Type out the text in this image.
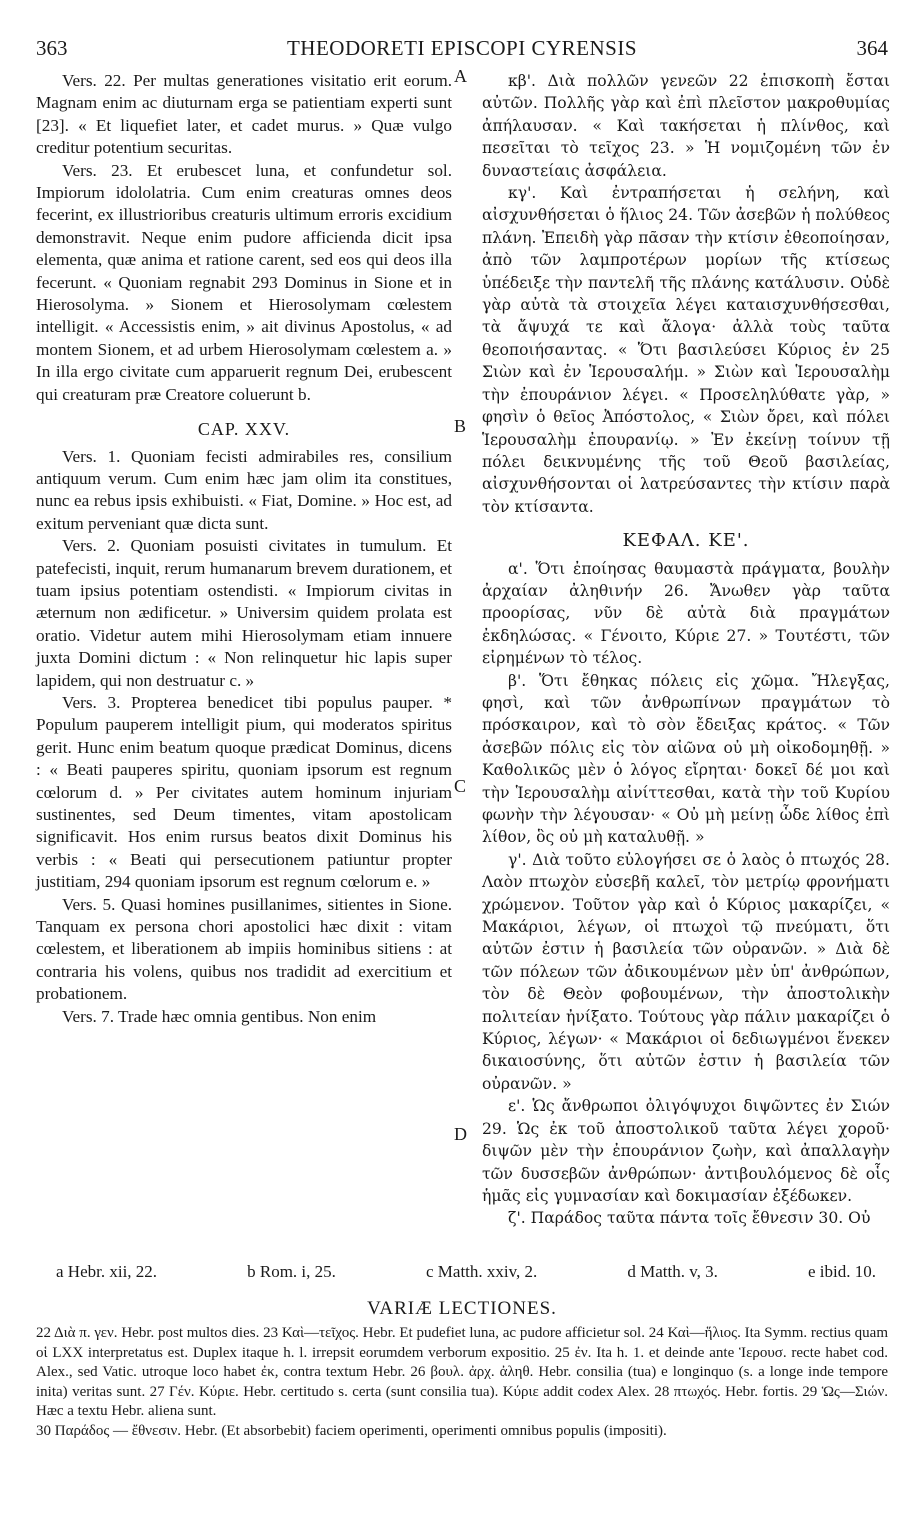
363	THEODORETI EPISCOPI CYRENSIS	364

Vers. 22. Per multas generationes visitatio erit eorum. Magnam enim ac diuturnam erga se patientiam experti sunt [23]. « Et liquefiet later, et cadet murus. » Quæ vulgo creditur potentium securitas.

Vers. 23. Et erubescet luna, et confundetur sol. Impiorum idololatria. Cum enim creaturas omnes deos fecerint, ex illustrioribus creaturis ultimum erroris excidium demonstravit. Neque enim pudore afficienda dicit ipsa elementa, quæ anima et ratione carent, sed eos qui deos illa fecerunt. « Quoniam regnabit 293 Dominus in Sione et in Hierosolyma. » Sionem et Hierosolymam cœlestem intelligit. « Accessistis enim, » ait divinus Apostolus, « ad montem Sionem, et ad urbem Hierosolymam cœlestem a. » In illa ergo civitate cum apparuerit regnum Dei, erubescent qui creaturam præ Creatore coluerunt b.

CAP. XXV.

Vers. 1. Quoniam fecisti admirabiles res, consilium antiquum verum. Cum enim hæc jam olim ita constitues, nunc ea rebus ipsis exhibuisti. « Fiat, Domine. » Hoc est, ad exitum perveniant quæ dicta sunt.

Vers. 2. Quoniam posuisti civitates in tumulum. Et patefecisti, inquit, rerum humanarum brevem durationem, et tuam ipsius potentiam ostendisti. « Impiorum civitas in æternum non ædificetur. » Universim quidem prolata est oratio. Videtur autem mihi Hierosolymam etiam innuere juxta Domini dictum : « Non relinquetur hic lapis super lapidem, qui non destruatur c. »

Vers. 3. Propterea benedicet tibi populus pauper. * Populum pauperem intelligit pium, qui moderatos spiritus gerit. Hunc enim beatum quoque prædicat Dominus, dicens : « Beati pauperes spiritu, quoniam ipsorum est regnum cœlorum d. » Per civitates autem hominum injuriam sustinentes, sed Deum timentes, vitam apostolicam significavit. Hos enim rursus beatos dixit Dominus his verbis : « Beati qui persecutionem patiuntur propter justitiam, 294 quoniam ipsorum est regnum cœlorum e. »

Vers. 5. Quasi homines pusillanimes, sitientes in Sione. Tanquam ex persona chori apostolici hæc dixit : vitam cœlestem, et liberationem ab impiis hominibus sitiens : at contraria his volens, quibus nos tradidit ad exercitium et probationem.

Vers. 7. Trade hæc omnia gentibus. Non enim

κβ'. Διὰ πολλῶν γενεῶν 22 ἐπισκοπὴ ἔσται αὐτῶν. Πολλῆς γὰρ καὶ ἐπὶ πλεῖστον μακροθυμίας ἀπήλαυσαν. « Καὶ τακήσεται ἡ πλίνθος, καὶ πεσεῖται τὸ τεῖχος 23. » Ἡ νομιζομένη τῶν ἐν δυναστείαις ἀσφάλεια.

κγ'. Καὶ ἐντραπήσεται ἡ σελήνη, καὶ αἰσχυνθήσεται ὁ ἥλιος 24. Τῶν ἀσεβῶν ἡ πολύθεος πλάνη. Ἐπειδὴ γὰρ πᾶσαν τὴν κτίσιν ἐθεοποίησαν, ἀπὸ τῶν λαμπροτέρων μορίων τῆς κτίσεως ὑπέδειξε τὴν παντελῆ τῆς πλάνης κατάλυσιν. Οὐδὲ γὰρ αὐτὰ τὰ στοιχεῖα λέγει καταισχυνθήσεσθαι, τὰ ἄψυχά τε καὶ ἄλογα· ἀλλὰ τοὺς ταῦτα θεοποιήσαντας. « Ὅτι βασιλεύσει Κύριος ἐν 25 Σιὼν καὶ ἐν Ἱερουσαλήμ. » Σιὼν καὶ Ἱερουσαλὴμ τὴν ἐπουράνιον λέγει. « Προσεληλύθατε γὰρ, » φησὶν ὁ θεῖος Ἀπόστολος, « Σιὼν ὄρει, καὶ πόλει Ἱερουσαλὴμ ἐπουρανίῳ. » Ἐν ἐκείνῃ τοίνυν τῇ πόλει δεικνυμένης τῆς τοῦ Θεοῦ βασιλείας, αἰσχυνθήσονται οἱ λατρεύσαντες τὴν κτίσιν παρὰ τὸν κτίσαντα.

ΚΕΦΑΛ. ΚΕ'.

α'. Ὅτι ἐποίησας θαυμαστὰ πράγματα, βουλὴν ἀρχαίαν ἀληθινήν 26. Ἄνωθεν γὰρ ταῦτα προορίσας, νῦν δὲ αὐτὰ διὰ πραγμάτων ἐκδηλώσας. « Γένοιτο, Κύριε 27. » Τουτέστι, τῶν εἰρημένων τὸ τέλος.

β'. Ὅτι ἔθηκας πόλεις εἰς χῶμα. Ἤλεγξας, φησὶ, καὶ τῶν ἀνθρωπίνων πραγμάτων τὸ πρόσκαιρον, καὶ τὸ σὸν ἔδειξας κράτος. « Τῶν ἀσεβῶν πόλις εἰς τὸν αἰῶνα οὐ μὴ οἰκοδομηθῇ. » Καθολικῶς μὲν ὁ λόγος εἴρηται· δοκεῖ δέ μοι καὶ τὴν Ἱερουσαλὴμ αἰνίττεσθαι, κατὰ τὴν τοῦ Κυρίου φωνὴν τὴν λέγουσαν· « Οὐ μὴ μείνῃ ὧδε λίθος ἐπὶ λίθον, ὃς οὐ μὴ καταλυθῇ. »

γ'. Διὰ τοῦτο εὐλογήσει σε ὁ λαὸς ὁ πτωχός 28. Λαὸν πτωχὸν εὐσεβῆ καλεῖ, τὸν μετρίῳ φρονήματι χρώμενον. Τοῦτον γὰρ καὶ ὁ Κύριος μακαρίζει, « Μακάριοι, λέγων, οἱ πτωχοὶ τῷ πνεύματι, ὅτι αὐτῶν ἐστιν ἡ βασιλεία τῶν οὐρανῶν. » Διὰ δὲ τῶν πόλεων τῶν ἀδικουμένων μὲν ὑπ' ἀνθρώπων, τὸν δὲ Θεὸν φοβουμένων, τὴν ἀποστολικὴν πολιτείαν ἠνίξατο. Τούτους γὰρ πάλιν μακαρίζει ὁ Κύριος, λέγων· « Μακάριοι οἱ δεδιωγμένοι ἕνεκεν δικαιοσύνης, ὅτι αὐτῶν ἐστιν ἡ βασιλεία τῶν οὐρανῶν. »

ε'. Ὡς ἄνθρωποι ὀλιγόψυχοι διψῶντες ἐν Σιών 29. Ὡς ἐκ τοῦ ἀποστολικοῦ ταῦτα λέγει χοροῦ· διψῶν μὲν τὴν ἐπουράνιον ζωὴν, καὶ ἀπαλλαγὴν τῶν δυσσεβῶν ἀνθρώπων· ἀντιβουλόμενος δὲ οἷς ἡμᾶς εἰς γυμνασίαν καὶ δοκιμασίαν ἐξέδωκεν.

ζ'. Παράδος ταῦτα πάντα τοῖς ἔθνεσιν 30. Οὐ

A
B
C
D
a Hebr. xii, 22.	b Rom. i, 25.	c Matth. xxiv, 2.	d Matth. v, 3.	e ibid. 10.
VARIÆ LECTIONES.

22 Διὰ π. γεν. Hebr. post multos dies. 23 Καὶ—τεῖχος. Hebr. Et pudefiet luna, ac pudore afficietur sol. 24 Καὶ—ἥλιος. Ita Symm. rectius quam οἱ LXX interpretatus est. Duplex itaque h. l. irrepsit eorumdem verborum expositio. 25 ἐν. Ita h. 1. et deinde ante Ἱερουσ. recte habet cod. Alex., sed Vatic. utroque loco habet ἐκ, contra textum Hebr. 26 βουλ. ἀρχ. ἀληθ. Hebr. consilia (tua) e longinquo (s. a longe inde tempore inita) veritas sunt. 27 Γέν. Κύριε. Hebr. certitudo s. certa (sunt consilia tua). Κύριε addit codex Alex. 28 πτωχός. Hebr. fortis. 29 Ὡς—Σιών. Hæc a textu Hebr. aliena sunt.

30 Παράδος — ἔθνεσιν. Hebr. (Et absorbebit) faciem operimenti, operimenti omnibus populis (impositi).
